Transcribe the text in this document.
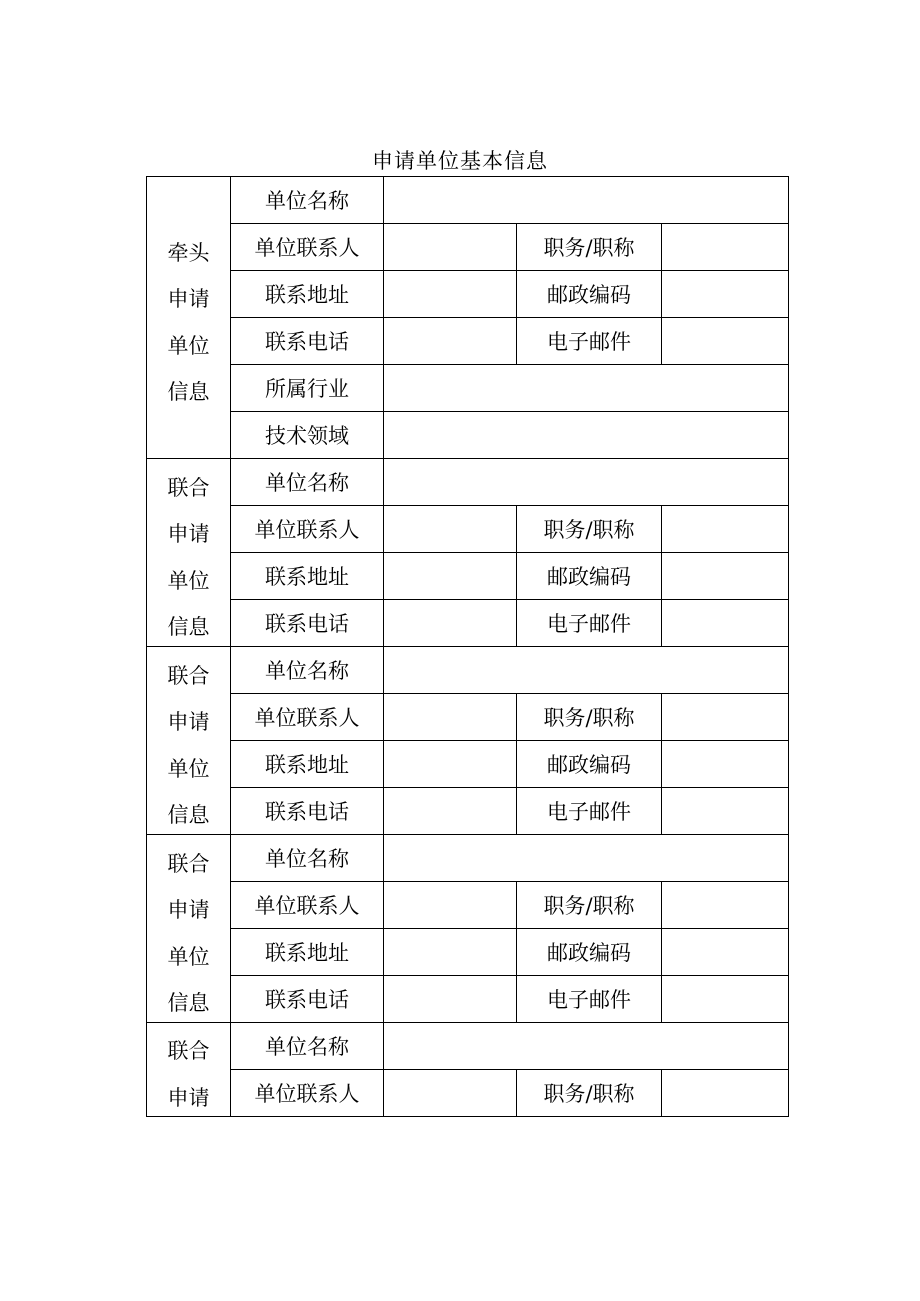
申请单位基本信息
牵头
申请
单位
信息	单位名称			
	单位联系人		职务/职称	
	联系地址		邮政编码	
	联系电话		电子邮件	
	所属行业			
	技术领域			

联合
申请
单位
信息	单位名称			
	单位联系人		职务/职称	
	联系地址		邮政编码	
	联系电话		电子邮件	

联合
申请
单位
信息	单位名称			
	单位联系人		职务/职称	
	联系地址		邮政编码	
	联系电话		电子邮件	

联合
申请
单位
信息	单位名称			
	单位联系人		职务/职称	
	联系地址		邮政编码	
	联系电话		电子邮件	

联合
申请	单位名称			
	单位联系人		职务/职称	
